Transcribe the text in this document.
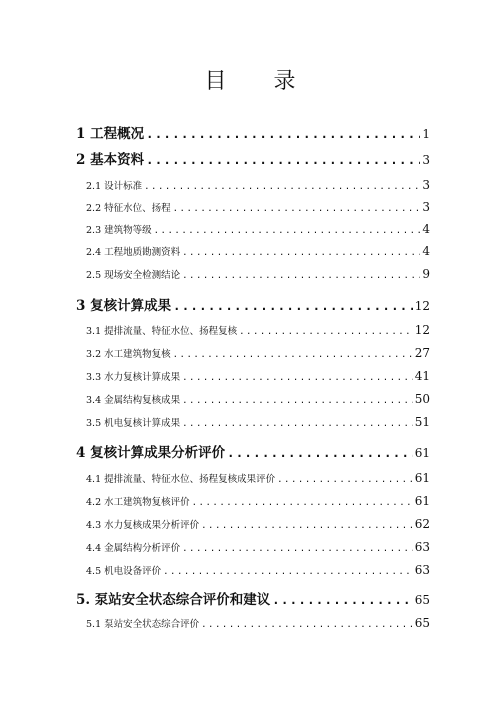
目 录
1 工程概况 .....	1
2 基本资料 .....	3
2.1 设计标准 .....	3
2.2 特征水位、扬程 .....	3
2.3 建筑物等级 .....	4
2.4 工程地质勘测资料 .....	4
2.5 现场安全检测结论 .....	9
3 复核计算成果 .....	12
3.1 提排流量、特征水位、扬程复核 .....	12
3.2 水工建筑物复核 .....	27
3.3 水力复核计算成果 .....	41
3.4 金属结构复核成果 .....	50
3.5 机电复核计算成果 .....	51
4 复核计算成果分析评价 .....	61
4.1 提排流量、特征水位、扬程复核成果评价 .....	61
4.2 水工建筑物复核评价 .....	61
4.3 水力复核成果分析评价 .....	62
4.4 金属结构分析评价 .....	63
4.5 机电设备评价 .....	63
5. 泵站安全状态综合评价和建议 .....	65
5.1 泵站安全状态综合评价 .....	65
